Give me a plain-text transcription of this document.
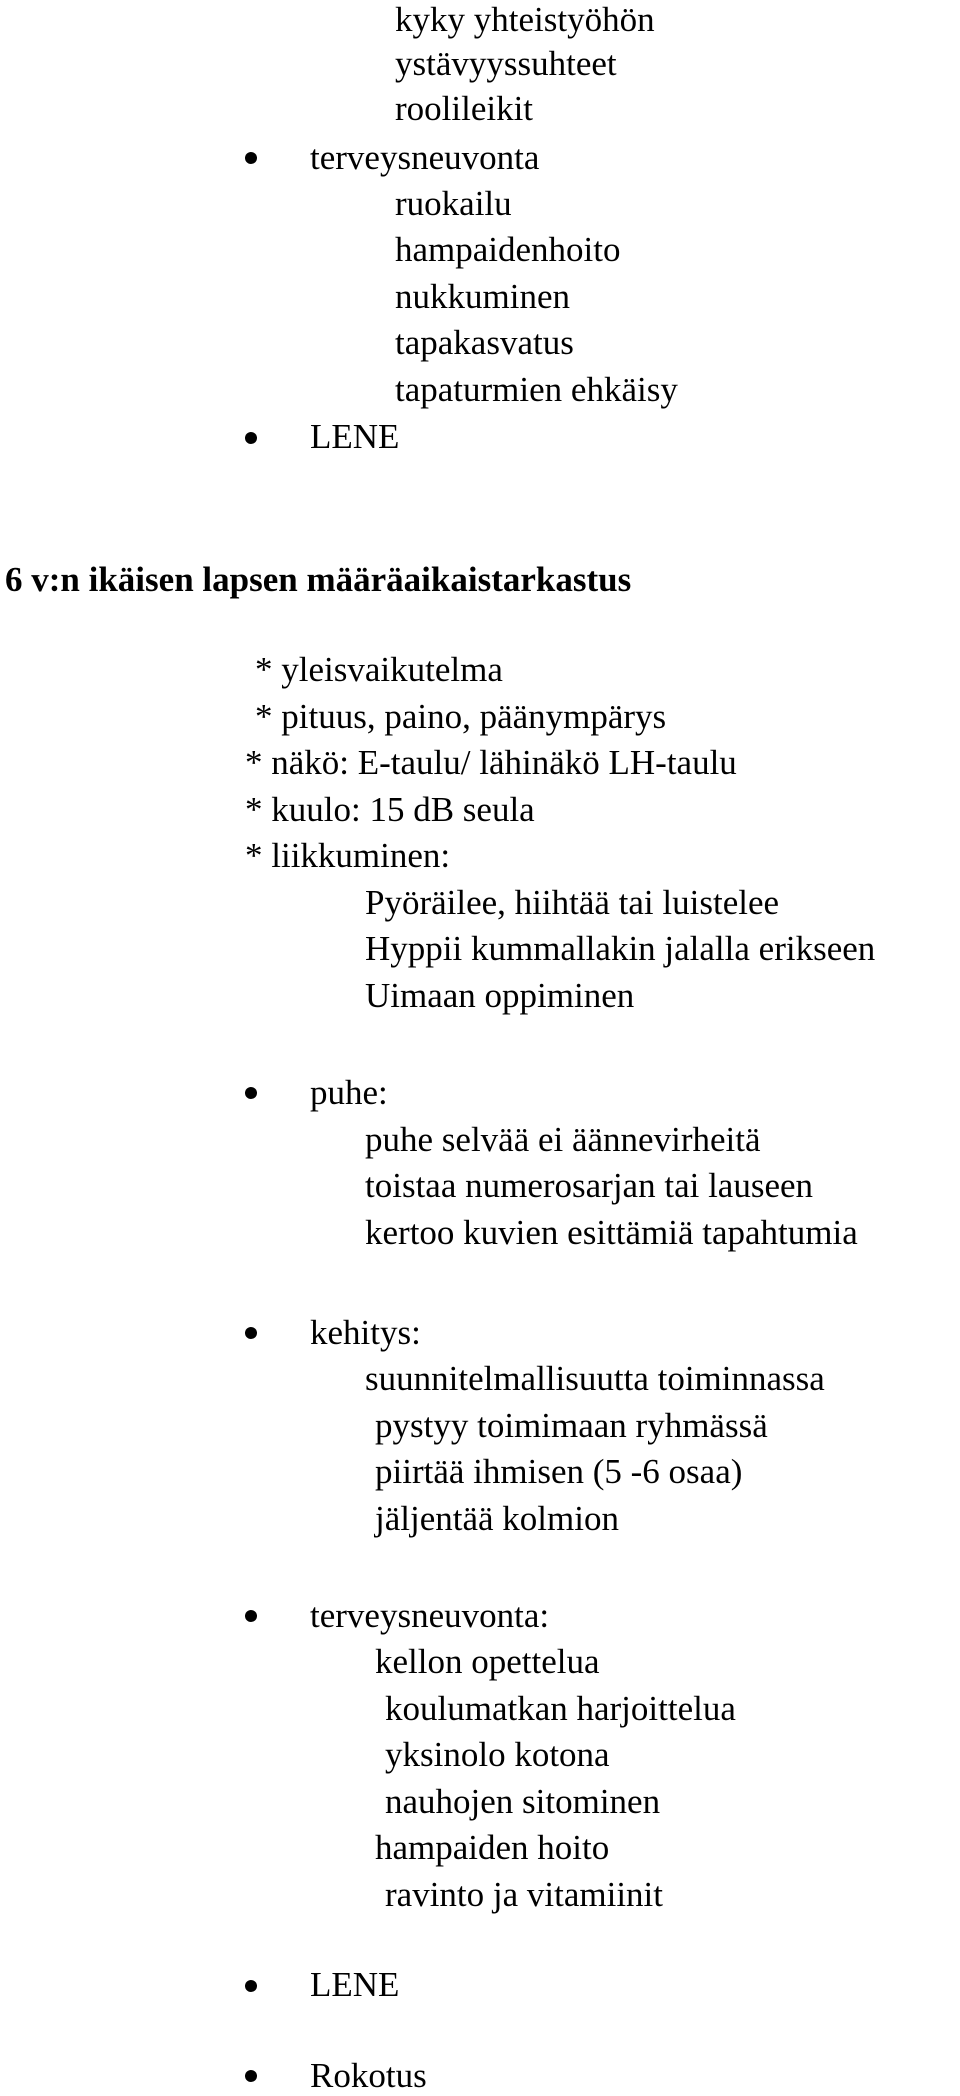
kyky yhteistyöhön
ystävyyssuhteet
roolileikit
terveysneuvonta
ruokailu
hampaidenhoito
nukkuminen
tapakasvatus
tapaturmien ehkäisy
LENE
6 v:n ikäisen lapsen määräaikaistarkastus
* yleisvaikutelma
* pituus, paino, päänympärys
* näkö: E-taulu/ lähinäkö LH-taulu
* kuulo: 15 dB seula
* liikkuminen:
Pyöräilee, hiihtää tai luistelee
Hyppii kummallakin jalalla erikseen
Uimaan oppiminen
puhe:
puhe selvää ei äännevirheitä
toistaa numerosarjan tai lauseen
kertoo kuvien esittämiä tapahtumia
kehitys:
suunnitelmallisuutta toiminnassa
pystyy toimimaan ryhmässä
piirtää ihmisen (5 -6 osaa)
jäljentää kolmion
terveysneuvonta:
kellon opettelua
koulumatkan harjoittelua
yksinolo kotona
nauhojen sitominen
hampaiden hoito
ravinto ja vitamiinit
LENE
Rokotus
